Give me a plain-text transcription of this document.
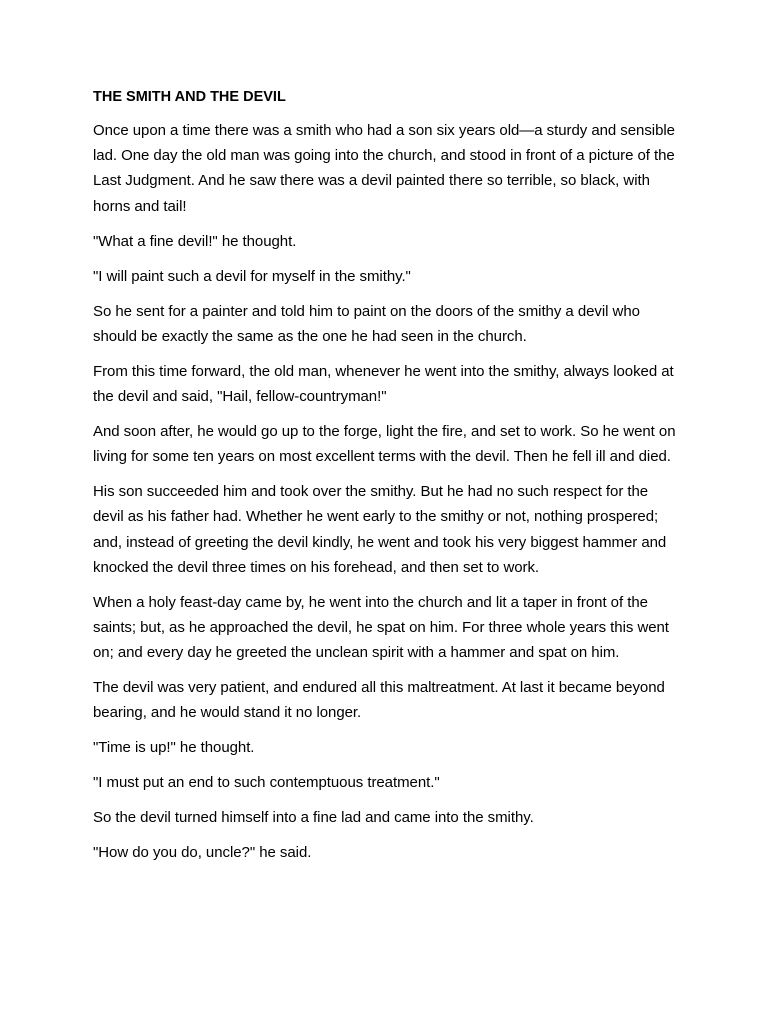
THE SMITH AND THE DEVIL

Once upon a time there was a smith who had a son six years old—a sturdy and sensible lad. One day the old man was going into the church, and stood in front of a picture of the Last Judgment. And he saw there was a devil painted there so terrible, so black, with horns and tail!

"What a fine devil!" he thought.

"I will paint such a devil for myself in the smithy."

So he sent for a painter and told him to paint on the doors of the smithy a devil who should be exactly the same as the one he had seen in the church.

From this time forward, the old man, whenever he went into the smithy, always looked at the devil and said, "Hail, fellow-countryman!"

And soon after, he would go up to the forge, light the fire, and set to work. So he went on living for some ten years on most excellent terms with the devil. Then he fell ill and died.

His son succeeded him and took over the smithy. But he had no such respect for the devil as his father had. Whether he went early to the smithy or not, nothing prospered; and, instead of greeting the devil kindly, he went and took his very biggest hammer and knocked the devil three times on his forehead, and then set to work.

When a holy feast-day came by, he went into the church and lit a taper in front of the saints; but, as he approached the devil, he spat on him. For three whole years this went on; and every day he greeted the unclean spirit with a hammer and spat on him.

The devil was very patient, and endured all this maltreatment. At last it became beyond bearing, and he would stand it no longer.

"Time is up!" he thought.

"I must put an end to such contemptuous treatment."

So the devil turned himself into a fine lad and came into the smithy.

"How do you do, uncle?" he said.
